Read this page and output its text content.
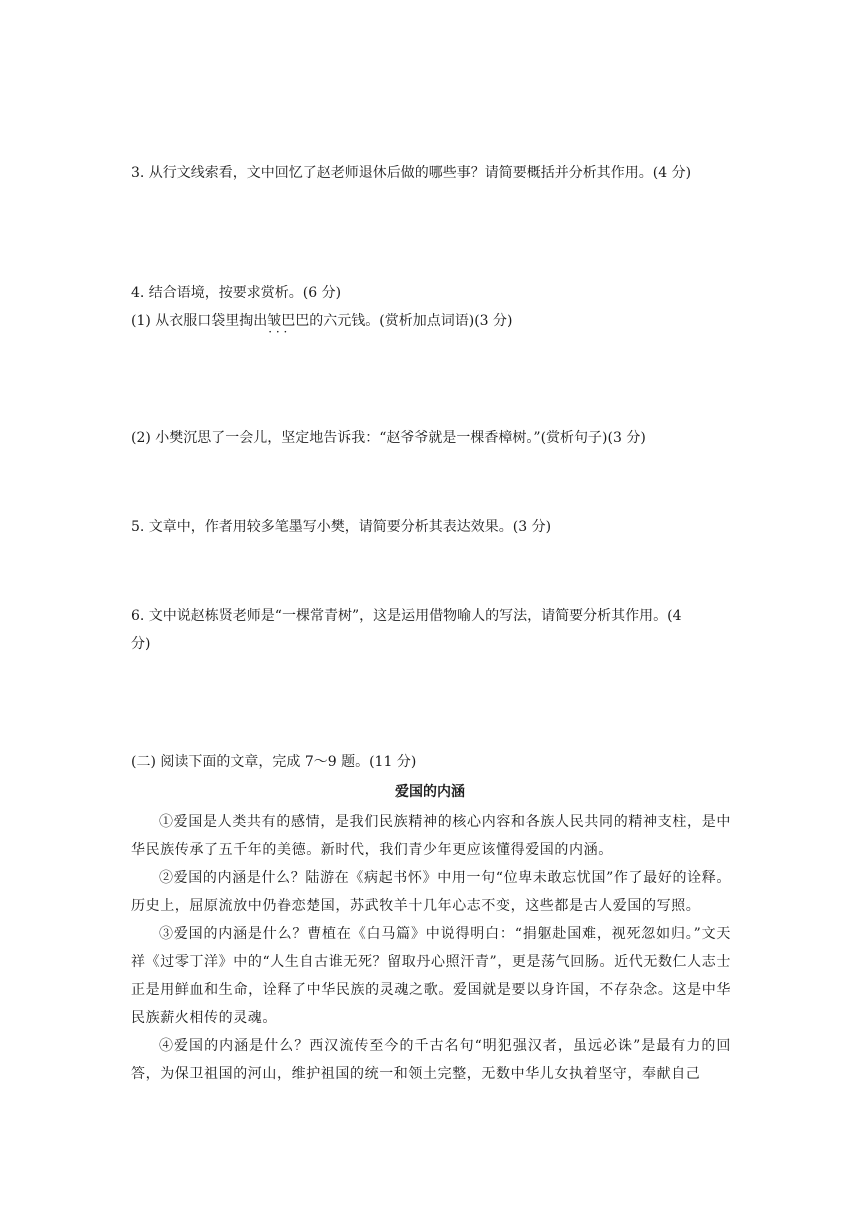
3. 从行文线索看，文中回忆了赵老师退休后做的哪些事？请简要概括并分析其作用。(4 分)
4. 结合语境，按要求赏析。(6 分)
(1) 从衣服口袋里掏出皱巴巴 · · ·的六元钱。(赏析加点词语)(3 分)
(2) 小樊沉思了一会儿，坚定地告诉我：“赵爷爷就是一棵香樟树。”(赏析句子)(3 分)
5. 文章中，作者用较多笔墨写小樊，请简要分析其表达效果。(3 分)
6. 文中说赵栋贤老师是“一棵常青树”，这是运用借物喻人的写法，请简要分析其作用。(4
分)
(二) 阅读下面的文章，完成 7～9 题。(11 分)
爱国的内涵
①爱国是人类共有的感情，是我们民族精神的核心内容和各族人民共同的精神支柱，是中华民族传承了五千年的美德。新时代，我们青少年更应该懂得爱国的内涵。
②爱国的内涵是什么？陆游在《病起书怀》中用一句“位卑未敢忘忧国”作了最好的诠释。历史上，屈原流放中仍眷恋楚国，苏武牧羊十几年心志不变，这些都是古人爱国的写照。
③爱国的内涵是什么？曹植在《白马篇》中说得明白：“捐躯赴国难，视死忽如归。”文天祥《过零丁洋》中的“人生自古谁无死？留取丹心照汗青”，更是荡气回肠。近代无数仁人志士正是用鲜血和生命，诠释了中华民族的灵魂之歌。爱国就是要以身许国，不存杂念。这是中华民族薪火相传的灵魂。
④爱国的内涵是什么？西汉流传至今的千古名句“明犯强汉者，虽远必诛”是最有力的回答，为保卫祖国的河山，维护祖国的统一和领土完整，无数中华儿女执着坚守，奉献自己
